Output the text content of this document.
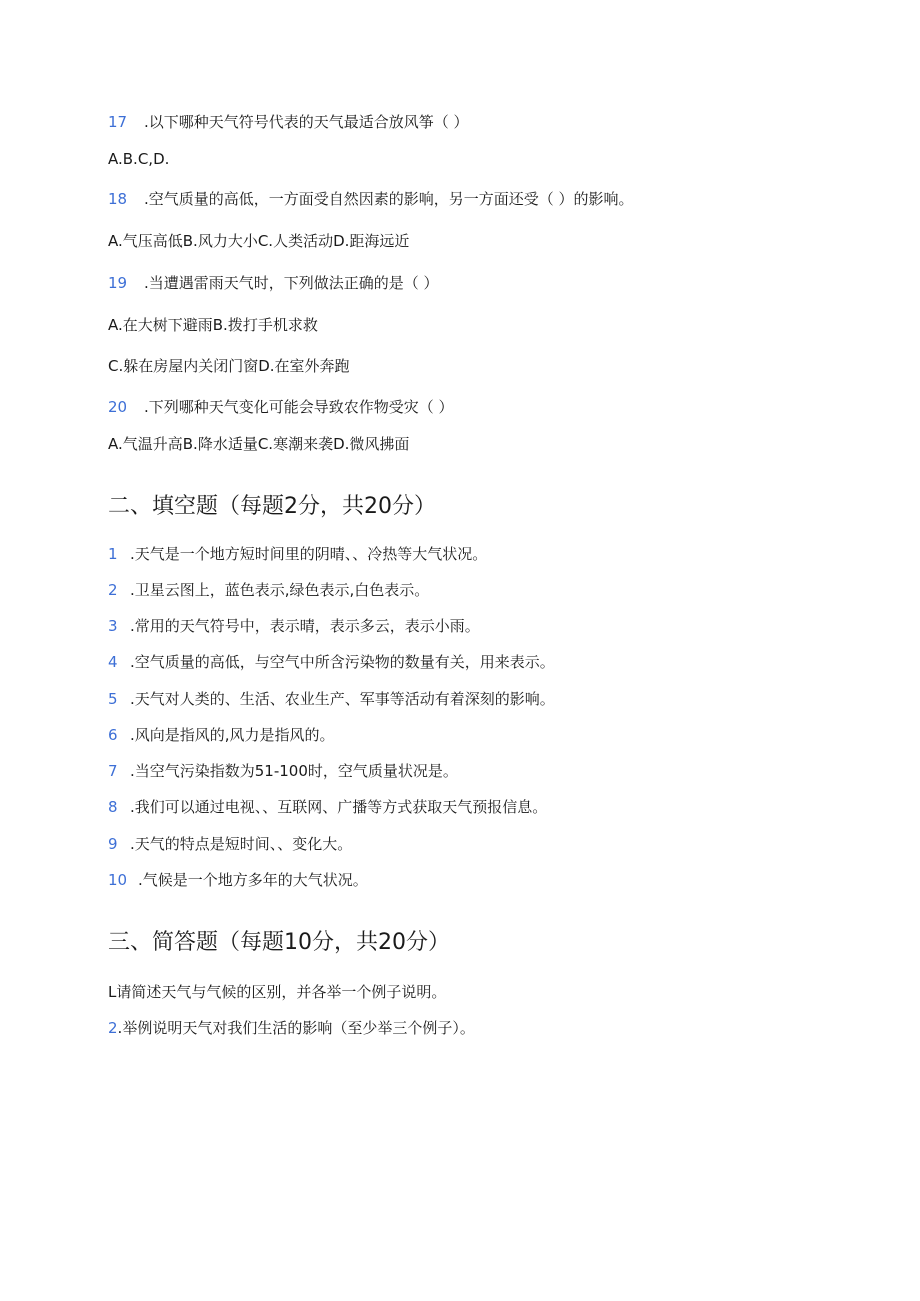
17 .以下哪种天气符号代表的天气最适合放风筝（ ）
A.B.C,D.
18 .空气质量的高低，一方面受自然因素的影响，另一方面还受（ ）的影响。
A.气压高低B.风力大小C.人类活动D.距海远近
19 .当遭遇雷雨天气时，下列做法正确的是（ ）
A.在大树下避雨B.拨打手机求救
C.躲在房屋内关闭门窗D.在室外奔跑
20 .下列哪种天气变化可能会导致农作物受灾（ ）
A.气温升高B.降水适量C.寒潮来袭D.微风拂面
二、填空题（每题2分，共20分）
1 .天气是一个地方短时间里的阴晴、、冷热等大气状况。
2 .卫星云图上，蓝色表示,绿色表示,白色表示。
3 .常用的天气符号中，表示晴，表示多云，表示小雨。
4 .空气质量的高低，与空气中所含污染物的数量有关，用来表示。
5 .天气对人类的、生活、农业生产、军事等活动有着深刻的影响。
6 .风向是指风的,风力是指风的。
7 .当空气污染指数为51-100时，空气质量状况是。
8 .我们可以通过电视、、互联网、广播等方式获取天气预报信息。
9 .天气的特点是短时间、、变化大。
10 .气候是一个地方多年的大气状况。
三、简答题（每题10分，共20分）
L请简述天气与气候的区别，并各举一个例子说明。
2.举例说明天气对我们生活的影响（至少举三个例子）。
